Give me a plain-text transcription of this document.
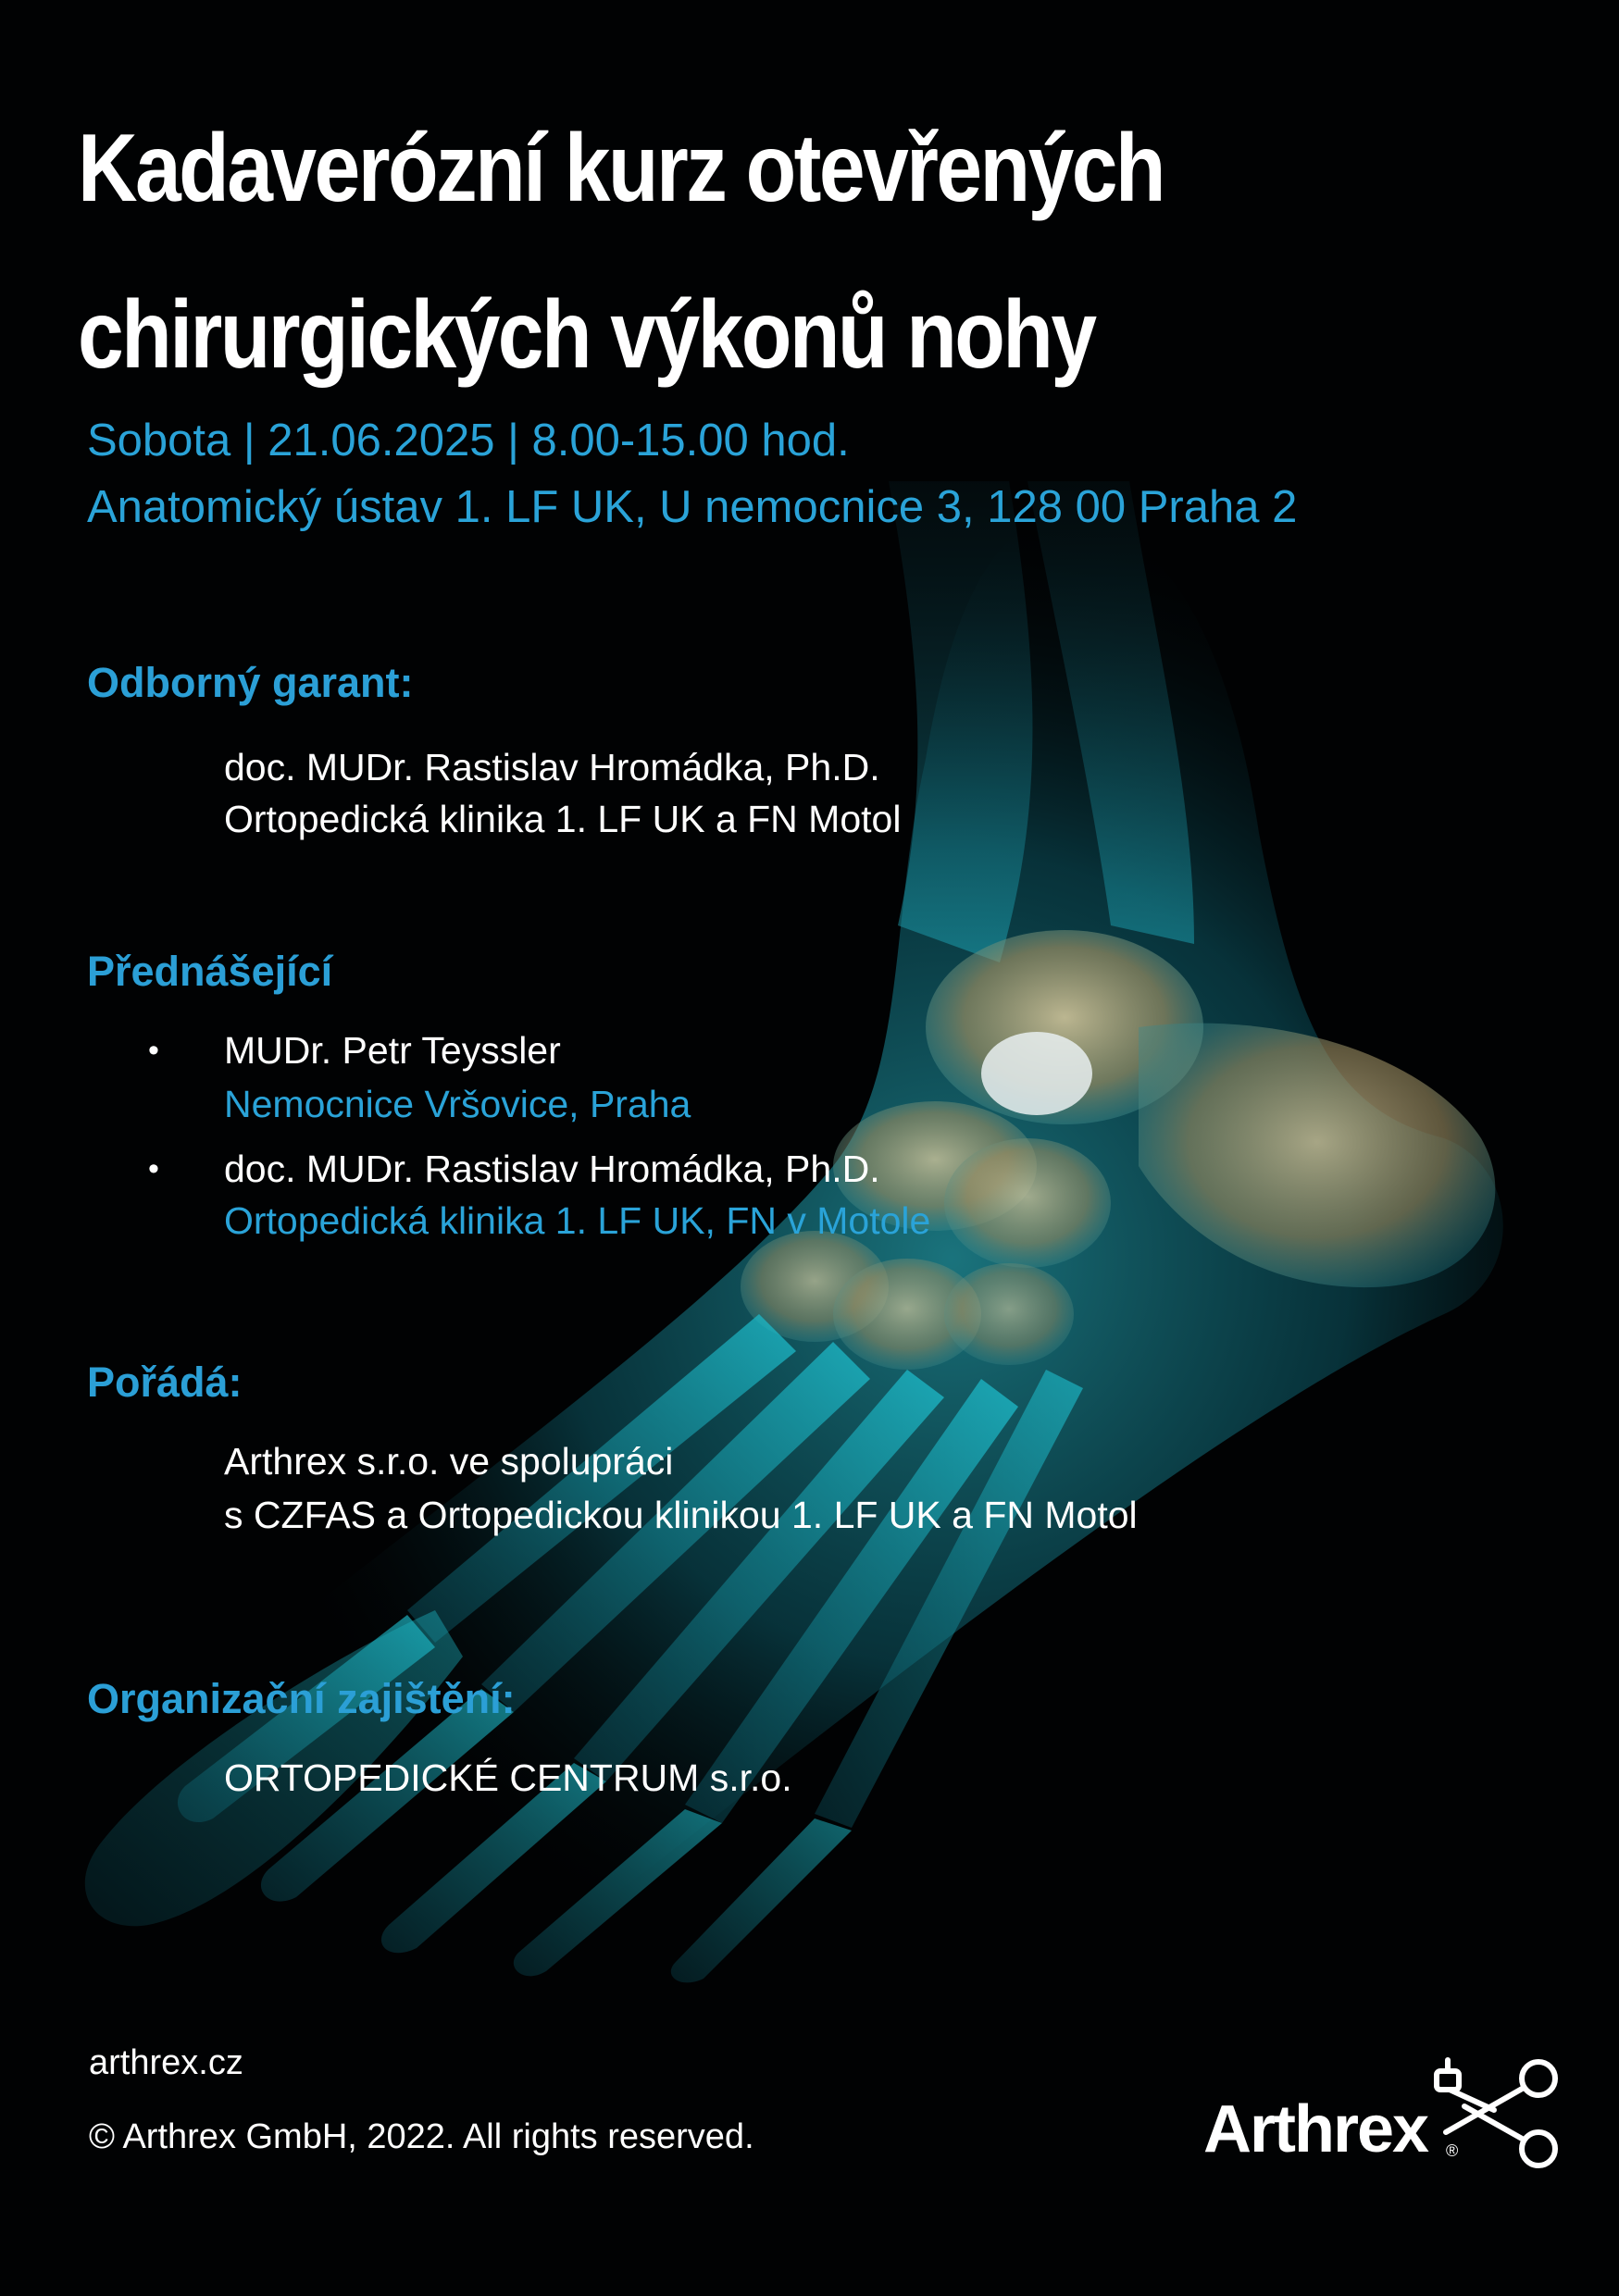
Kadaverózní kurz otevřených
chirurgických výkonů nohy
Sobota | 21.06.2025 | 8.00-15.00 hod.
Anatomický ústav 1. LF UK, U nemocnice 3, 128 00 Praha 2
Odborný garant:
doc. MUDr. Rastislav Hromádka, Ph.D.
Ortopedická klinika 1. LF UK a FN Motol
Přednášející
• MUDr. Petr Teyssler
Nemocnice Vršovice, Praha
• doc. MUDr. Rastislav Hromádka, Ph.D.
Ortopedická klinika 1. LF UK, FN v Motole
Pořádá:
Arthrex s.r.o. ve spolupráci
s CZFAS a Ortopedickou klinikou 1. LF UK a FN Motol
Organizační zajištění:
ORTOPEDICKÉ CENTRUM s.r.o.
arthrex.cz
© Arthrex GmbH, 2022. All rights reserved.	Arthrex ®
